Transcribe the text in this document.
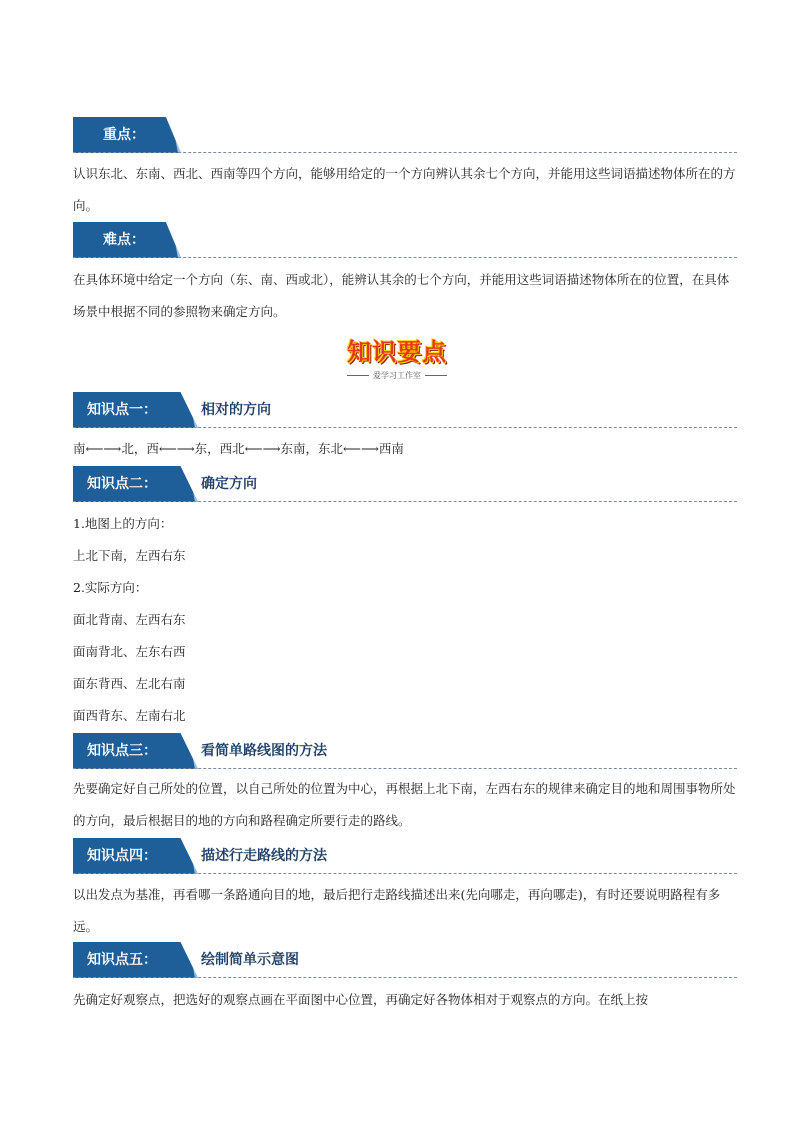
重点：

认识东北、东南、西北、西南等四个方向，能够用给定的一个方向辨认其余七个方向，并能用这些词语描述物体所在的方向。

难点：

在具体环境中给定一个方向（东、南、西或北），能辨认其余的七个方向，并能用这些词语描述物体所在的位置，在具体场景中根据不同的参照物来确定方向。

知识要点
爱学习工作室
知识点一：	相对的方向

南⟵⟶北，西⟵⟶东，西北⟵⟶东南，东北⟵⟶西南

知识点二：	确定方向

1.地图上的方向：

上北下南，左西右东

2.实际方向：

面北背南、左西右东

面南背北、左东右西

面东背西、左北右南

面西背东、左南右北

知识点三：	看简单路线图的方法

先要确定好自己所处的位置，以自己所处的位置为中心，再根据上北下南，左西右东的规律来确定目的地和周围事物所处的方向，最后根据目的地的方向和路程确定所要行走的路线。

知识点四：	描述行走路线的方法

以出发点为基准，再看哪一条路通向目的地，最后把行走路线描述出来(先向哪走，再向哪走)，有时还要说明路程有多远。

知识点五：	绘制简单示意图

先确定好观察点，把选好的观察点画在平面图中心位置，再确定好各物体相对于观察点的方向。在纸上按
